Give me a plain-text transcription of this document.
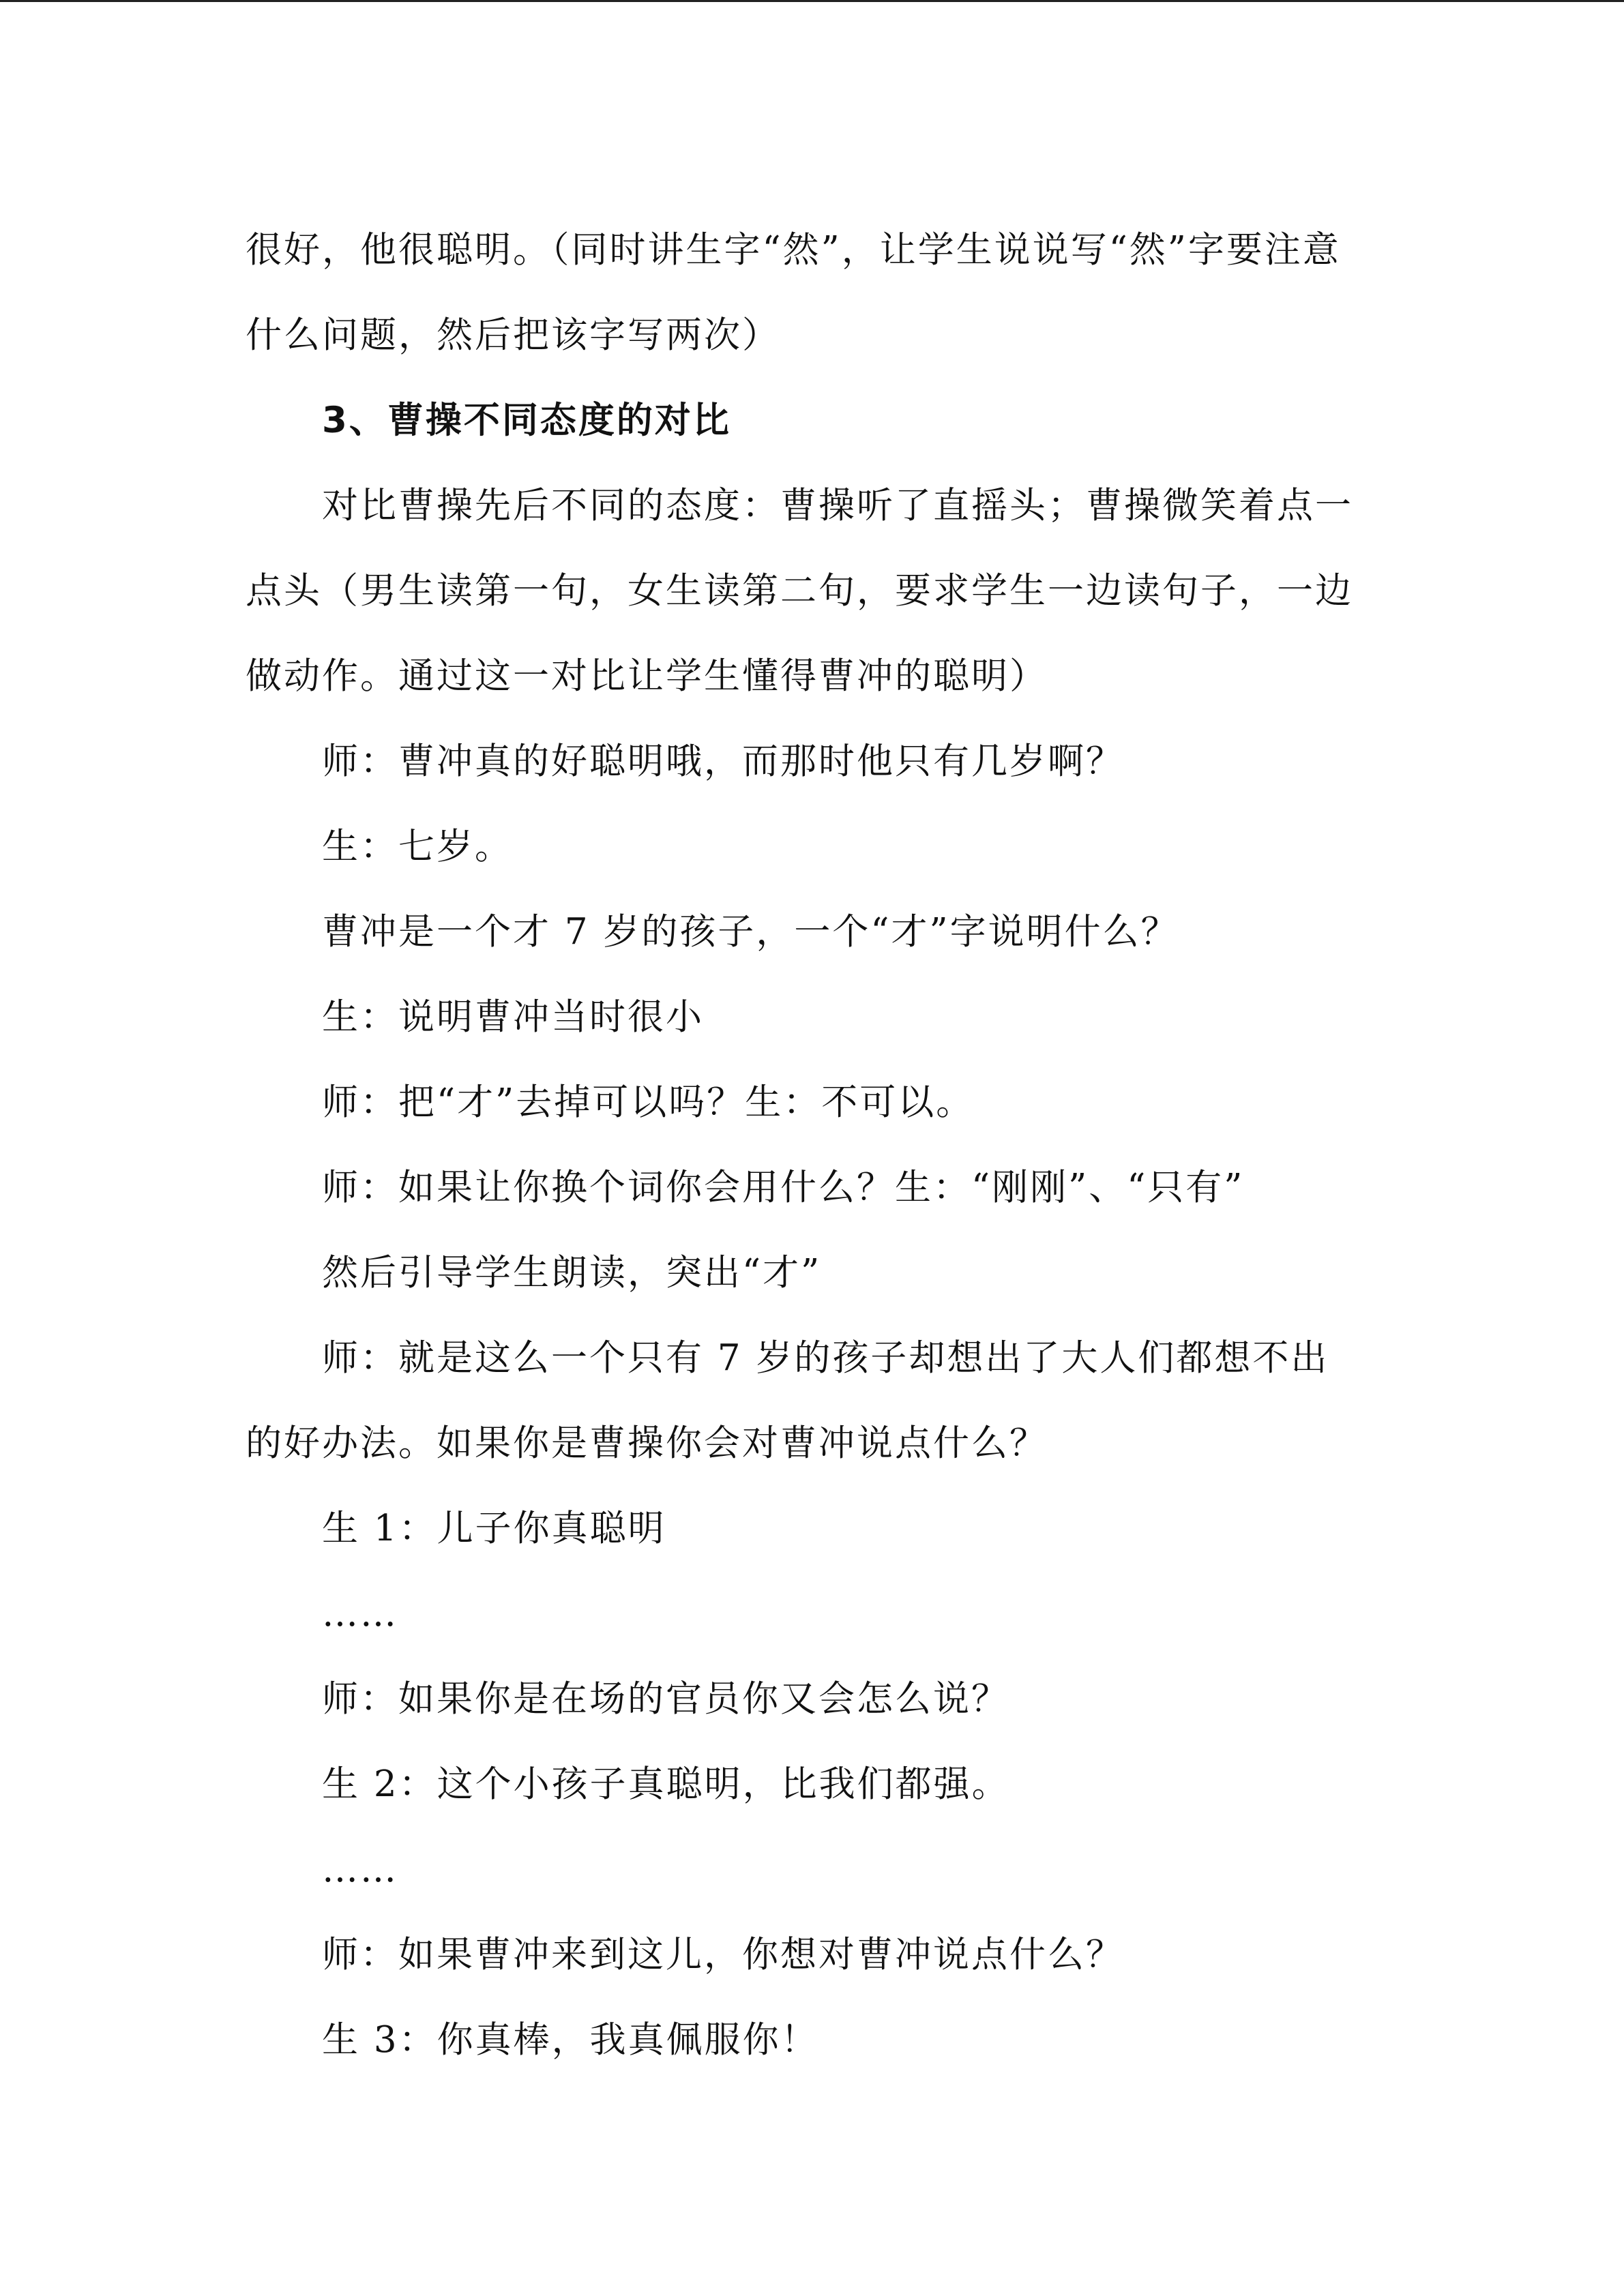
很好，他很聪明。（同时讲生字“然”，让学生说说写“然”字要注意什么问题，然后把该字写两次）

3、曹操不同态度的对比

对比曹操先后不同的态度：曹操听了直摇头；曹操微笑着点一点头（男生读第一句，女生读第二句，要求学生一边读句子，一边做动作。通过这一对比让学生懂得曹冲的聪明）

师：曹冲真的好聪明哦，而那时他只有几岁啊？

生：七岁。

曹冲是一个才 7 岁的孩子，一个“才”字说明什么？

生：说明曹冲当时很小

师：把“才”去掉可以吗？生：不可以。

师：如果让你换个词你会用什么？生：“刚刚”、“只有”

然后引导学生朗读，突出“才”

师：就是这么一个只有 7 岁的孩子却想出了大人们都想不出的好办法。如果你是曹操你会对曹冲说点什么？

生 1：儿子你真聪明

……

师：如果你是在场的官员你又会怎么说？

生 2：这个小孩子真聪明，比我们都强。

……

师：如果曹冲来到这儿，你想对曹冲说点什么？

生 3：你真棒，我真佩服你！
